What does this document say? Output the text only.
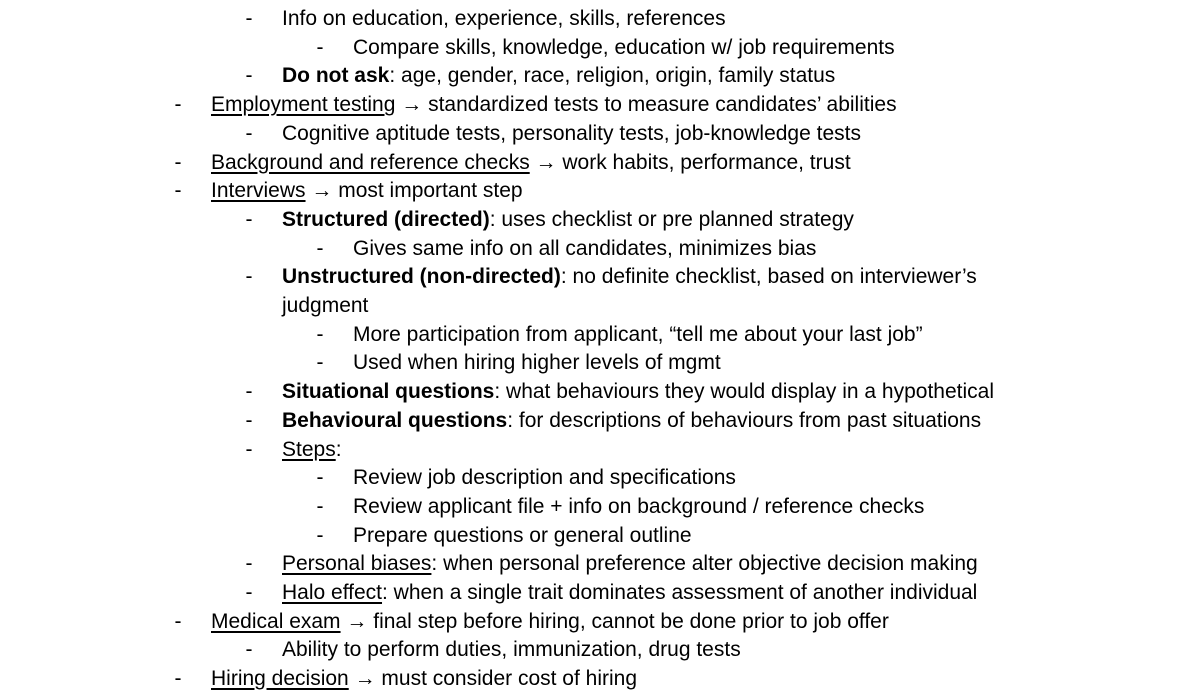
-	Info on education, experience, skills, references
-	Compare skills, knowledge, education w/ job requirements
-	Do not ask: age, gender, race, religion, origin, family status
-	Employment testing → standardized tests to measure candidates’ abilities
-	Cognitive aptitude tests, personality tests, job-knowledge tests
-	Background and reference checks → work habits, performance, trust
-	Interviews → most important step
-	Structured (directed): uses checklist or pre planned strategy
-	Gives same info on all candidates, minimizes bias
-	Unstructured (non-directed): no definite checklist, based on interviewer’s
judgment
-	More participation from applicant, “tell me about your last job”
-	Used when hiring higher levels of mgmt
-	Situational questions: what behaviours they would display in a hypothetical
-	Behavioural questions: for descriptions of behaviours from past situations
-	Steps:
-	Review job description and specifications
-	Review applicant file + info on background / reference checks
-	Prepare questions or general outline
-	Personal biases: when personal preference alter objective decision making
-	Halo effect: when a single trait dominates assessment of another individual
-	Medical exam → final step before hiring, cannot be done prior to job offer
-	Ability to perform duties, immunization, drug tests
-	Hiring decision → must consider cost of hiring
